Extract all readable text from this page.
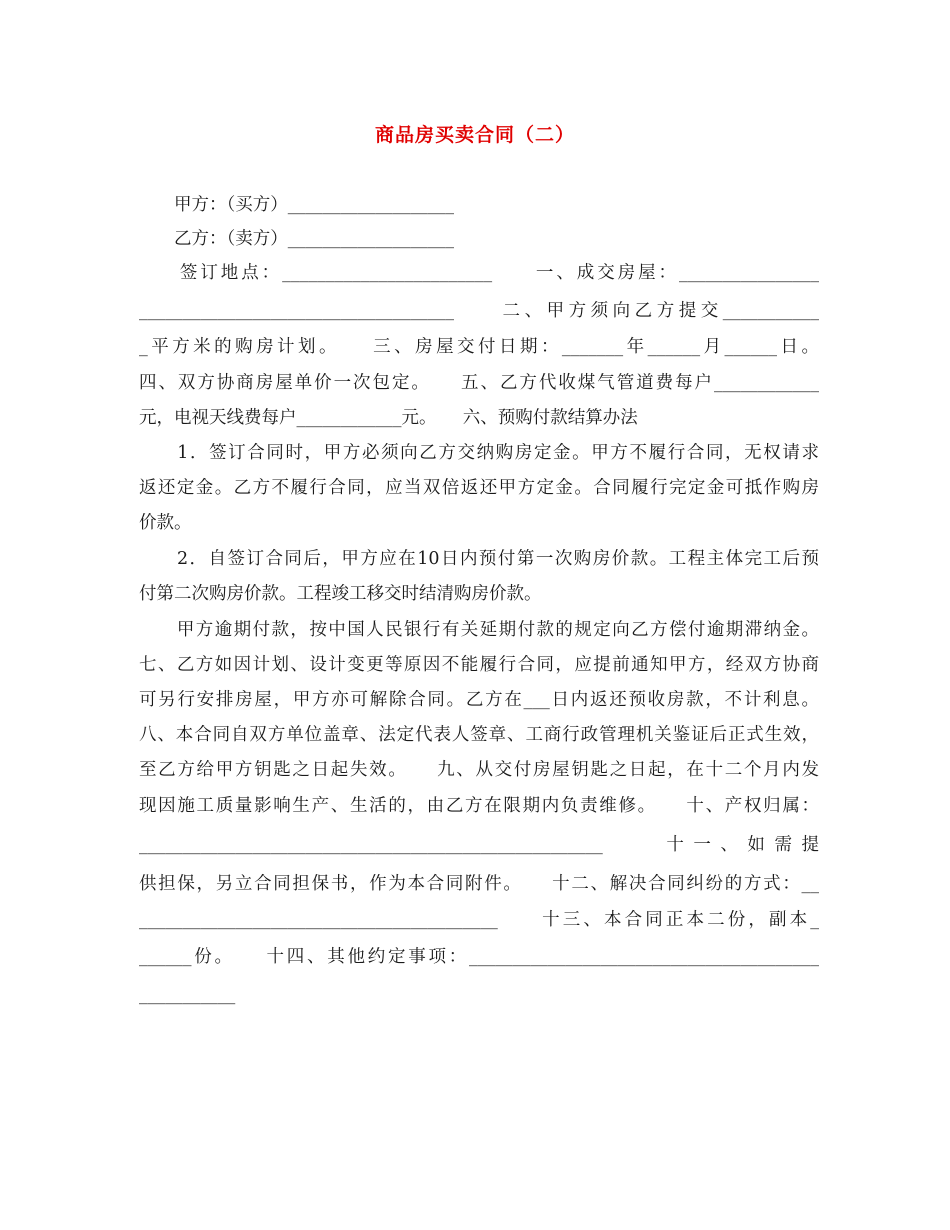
商品房买卖合同（二）
　　甲方：（买方）___________________
　　乙方：（卖方）___________________
　　签订地点：________________________　　一、成交房屋：________________
____________________________________　　二、甲方须向乙方提交___________
_平方米的购房计划。　　三、房屋交付日期：_______年______月______日。
四、双方协商房屋单价一次包定。　　五、乙方代收煤气管道费每户____________
元，电视天线费每户____________元。　　六、预购付款结算办法
　　1．签订合同时，甲方必须向乙方交纳购房定金。甲方不履行合同，无权请求
返还定金。乙方不履行合同，应当双倍返还甲方定金。合同履行完定金可抵作购房
价款。
　　2．自签订合同后，甲方应在10日内预付第一次购房价款。工程主体完工后预
付第二次购房价款。工程竣工移交时结清购房价款。
　　甲方逾期付款，按中国人民银行有关延期付款的规定向乙方偿付逾期滞纳金。
七、乙方如因计划、设计变更等原因不能履行合同，应提前通知甲方，经双方协商
可另行安排房屋，甲方亦可解除合同。乙方在___日内返还预收房款，不计利息。
八、本合同自双方单位盖章、法定代表人签章、工商行政管理机关鉴证后正式生效，
至乙方给甲方钥匙之日起失效。　　九、从交付房屋钥匙之日起，在十二个月内发
现因施工质量影响生产、生活的，由乙方在限期内负责维修。　　十、产权归属：
_____________________________________________________　　十一、如需提
供担保，另立合同担保书，作为本合同附件。　　十二、解决合同纠纷的方式：__
_________________________________________　　十三、本合同正本二份，副本_
______份。　　十四、其他约定事项：________________________________________
___________
